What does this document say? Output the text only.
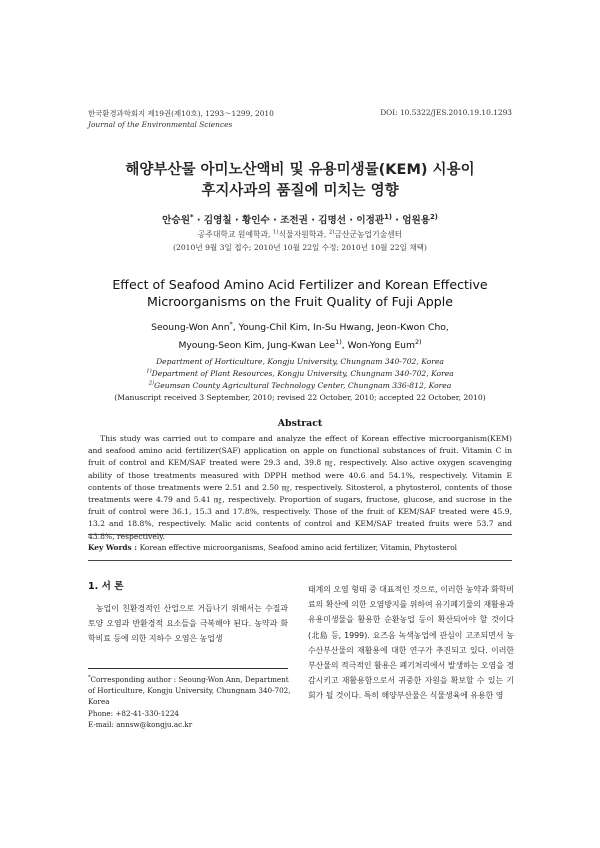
한국환경과학회지 제19권(제10호), 1293～1299, 2010
Journal of the Environmental Sciences
DOI: 10.5322/JES.2010.19.10.1293
해양부산물 아미노산액비 및 유용미생물(KEM) 시용이
후지사과의 품질에 미치는 영향
안승원* · 김영칠 · 황인수 · 조전권 · 김명선 · 이정관$^{1)}$ · 엄원용$^{2)}$
공주대학교 원예학과, $^{1)}$식물자원학과, $^{2)}$금산군농업기술센터
(2010년 9월 3일 접수; 2010년 10월 22일 수정; 2010년 10월 22일 채택)
Effect of Seafood Amino Acid Fertilizer and Korean Effective
Microorganisms on the Fruit Quality of Fuji Apple
Seoung-Won Ann*, Young-Chil Kim, In-Su Hwang, Jeon-Kwon Cho,
Myoung-Seon Kim, Jung-Kwan Lee$^{1)}$, Won-Yong Eum$^{2)}$
Department of Horticulture, Kongju University, Chungnam 340-702, Korea
$^{1)}$Department of Plant Resources, Kongju University, Chungnam 340-702, Korea
$^{2)}$Geumsan County Agricultural Technology Center, Chungnam 336-812, Korea
(Manuscript received 3 September, 2010; revised 22 October, 2010; accepted 22 October, 2010)
Abstract
This study was carried out to compare and analyze the effect of Korean effective microorganism(KEM) and seafood amino acid fertilizer(SAF) application on apple on functional substances of fruit. Vitamin C in fruit of control and KEM/SAF treated were 29.3 and, 39.8 ㎎, respectively. Also active oxygen scavenging ability of those treatments measured with DPPH method were 40.6 and 54.1%, respectively. Vitamin E contents of those treatments were 2.51 and 2.50 ㎎, respectively. Sitosterol, a phytosterol, contents of those treatments were 4.79 and 5.41 ㎎, respectively. Proportion of sugars, fructose, glucose, and sucrose in the fruit of control were 36.1, 15.3 and 17.8%, respectively. Those of the fruit of KEM/SAF treated were 45.9, 13.2 and 18.8%, respectively. Malic acid contents of control and KEM/SAF treated fruits were 53.7 and 43.8%, respectively.
Key Words : Korean effective microorganisms, Seafood amino acid fertilizer, Vitamin, Phytosterol
1. 서 론

농업이 친환경적인 산업으로 거듭나기 위해서는 수질과 토양 오염과 반환경적 요소들을 극복해야 된다. 농약과 화학비료 등에 의한 지하수 오염은 농업생

*Corresponding author : Seoung-Won Ann, Department of Horticulture, Kongju University, Chungnam 340-702, Korea
Phone: +82-41-330-1224
E-mail: annsw@kongju.ac.kr

태계의 오염 형태 중 대표적인 것으로, 이러한 농약과 화학비료의 확산에 의한 오염방지를 위하여 유기폐기물의 재활용과 유용미생물을 활용한 순환농업 등이 확산되어야 할 것이다(北島 등, 1999). 요즈음 녹색농업에 관심이 고조되면서 농수산부산물의 재활용에 대한 연구가 추진되고 있다. 이러한 부산물의 적극적인 활용은 폐기처리에서 발생하는 오염을 경감시키고 재활용함으로서 귀중한 자원을 확보할 수 있는 기회가 될 것이다. 특히 해양부산물은 식물생육에 유용한 영
